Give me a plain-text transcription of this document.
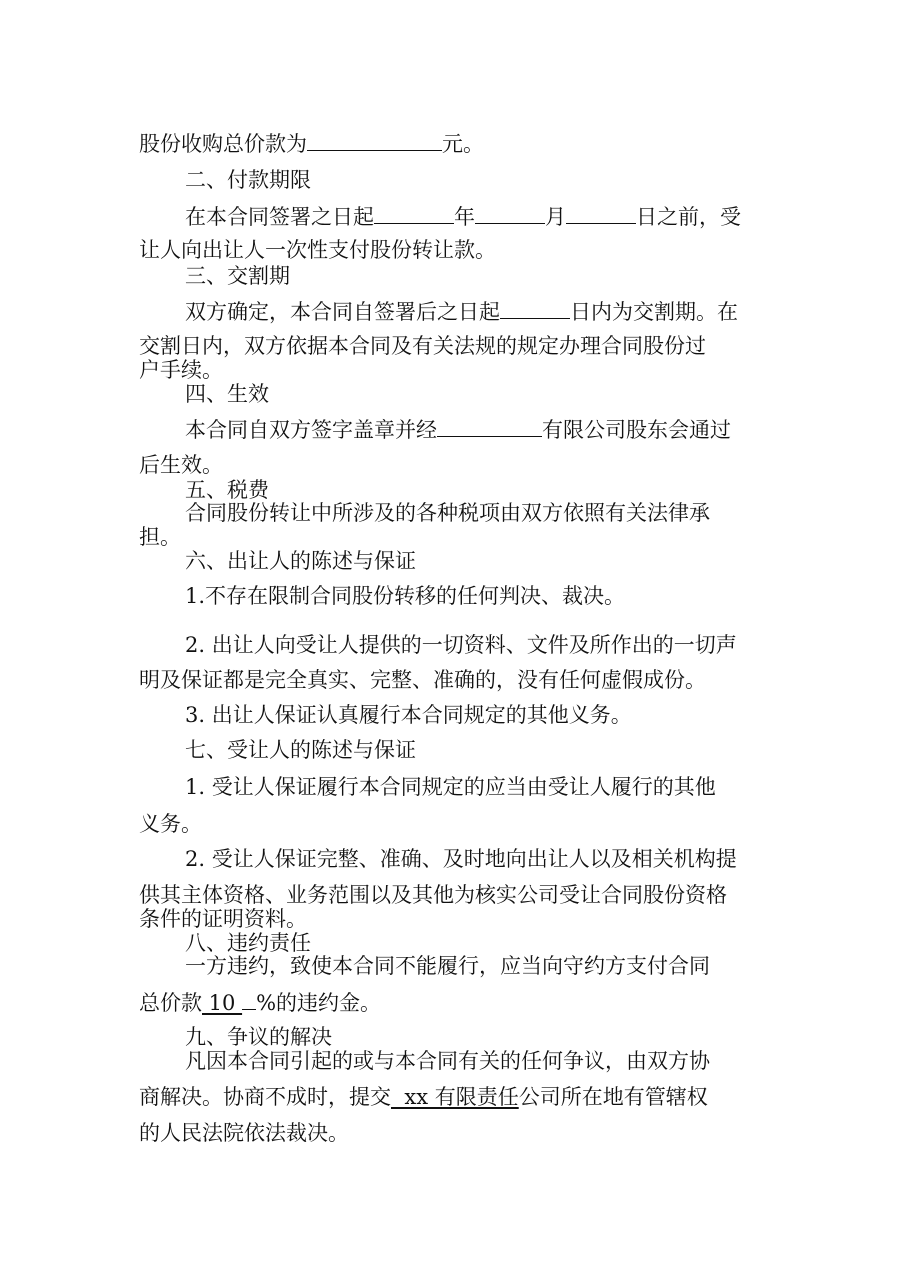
股份收购总价款为	元。
二、付款期限
在本合同签署之日起	年	月	日之前，受
让人向出让人一次性支付股份转让款。
三、交割期
双方确定，本合同自签署后之日起	日内为交割期。在
交割日内，双方依据本合同及有关法规的规定办理合同股份过
户手续。
四、生效
本合同自双方签字盖章并经	有限公司股东会通过
后生效。
五、税费
合同股份转让中所涉及的各种税项由双方依照有关法律承
担。
六、出让人的陈述与保证
1.不存在限制合同股份转移的任何判决、裁决。
2. 出让人向受让人提供的一切资料、文件及所作出的一切声
明及保证都是完全真实、完整、准确的，没有任何虚假成份。
3. 出让人保证认真履行本合同规定的其他义务。
七、受让人的陈述与保证
1. 受让人保证履行本合同规定的应当由受让人履行的其他
义务。
2. 受让人保证完整、准确、及时地向出让人以及相关机构提
供其主体资格、业务范围以及其他为核实公司受让合同股份资格
条件的证明资料。
八、违约责任
一方违约，致使本合同不能履行，应当向守约方支付合同
总价款 10 %的违约金。
九、争议的解决
凡因本合同引起的或与本合同有关的任何争议，由双方协
商解决。协商不成时，提交  xx 有限责任公司所在地有管辖权
的人民法院依法裁决。
